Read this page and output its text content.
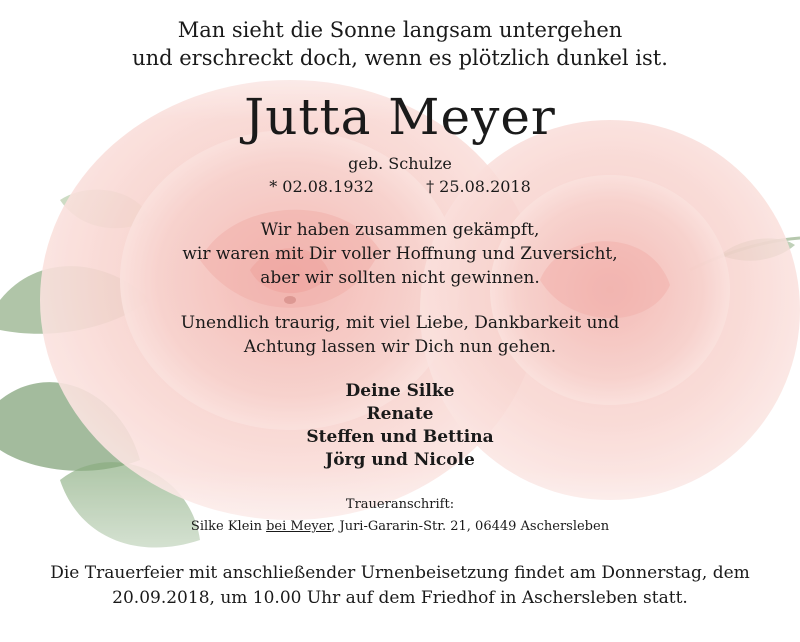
Man sieht die Sonne langsam untergehen
und erschreckt doch, wenn es plötzlich dunkel ist.
Jutta Meyer
geb. Schulze
* 02.08.1932	† 25.08.2018
Wir haben zusammen gekämpft,
wir waren mit Dir voller Hoffnung und Zuversicht,
aber wir sollten nicht gewinnen.
Unendlich traurig, mit viel Liebe, Dankbarkeit und
Achtung lassen wir Dich nun gehen.
Deine Silke
Renate
Steffen und Bettina
Jörg und Nicole
Traueranschrift:
Silke Klein bei Meyer, Juri-Gararin-Str. 21, 06449 Aschersleben
Die Trauerfeier mit anschließender Urnenbeisetzung findet am Donnerstag, dem
20.09.2018, um 10.00 Uhr auf dem Friedhof in Aschersleben statt.
